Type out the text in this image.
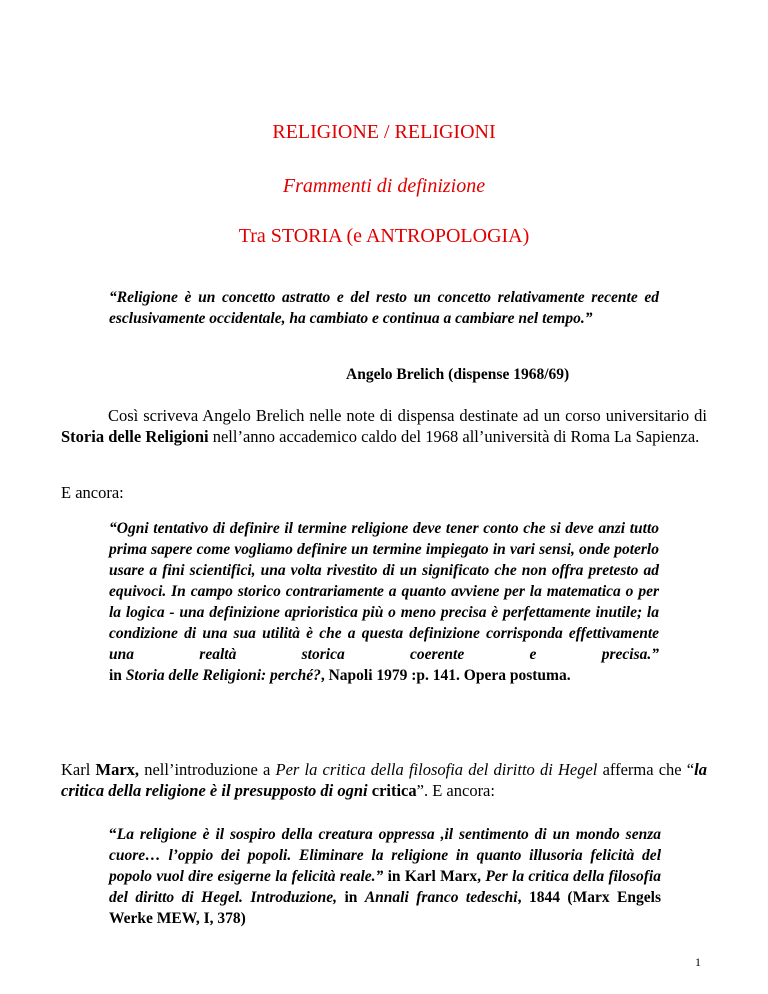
RELIGIONE / RELIGIONI
Frammenti di definizione
Tra STORIA (e ANTROPOLOGIA)
“Religione è un concetto astratto e del resto un concetto relativamente recente ed esclusivamente occidentale, ha cambiato e continua a cambiare nel tempo.”
Angelo Brelich (dispense 1968/69)
Così scriveva Angelo Brelich nelle note di dispensa destinate ad un corso universitario di Storia delle Religioni nell’anno accademico caldo del 1968 all’università di Roma La Sapienza.
E ancora:
“Ogni tentativo di definire il termine religione deve tener conto che si deve anzi tutto prima sapere come vogliamo definire un termine impiegato in vari sensi, onde poterlo usare a fini scientifici, una volta rivestito di un significato che non offra pretesto ad equivoci. In campo storico contrariamente a quanto avviene per la matematica o per la logica - una definizione aprioristica più o meno precisa è perfettamente inutile; la condizione di una sua utilità è che a questa definizione corrisponda effettivamente una realtà storica coerente e precisa.”
in Storia delle Religioni: perché?, Napoli 1979 :p. 141. Opera postuma.
Karl Marx, nell’introduzione a Per la critica della filosofia del diritto di Hegel afferma che “la critica della religione è il presupposto di ogni critica”. E ancora:
“La religione è il sospiro della creatura oppressa ,il sentimento di un mondo senza cuore… l’oppio dei popoli. Eliminare la religione in quanto illusoria felicità del popolo vuol dire esigerne la felicità reale.” in Karl Marx, Per la critica della filosofia del diritto di Hegel. Introduzione, in Annali franco tedeschi, 1844 (Marx Engels Werke MEW, I, 378)
1
